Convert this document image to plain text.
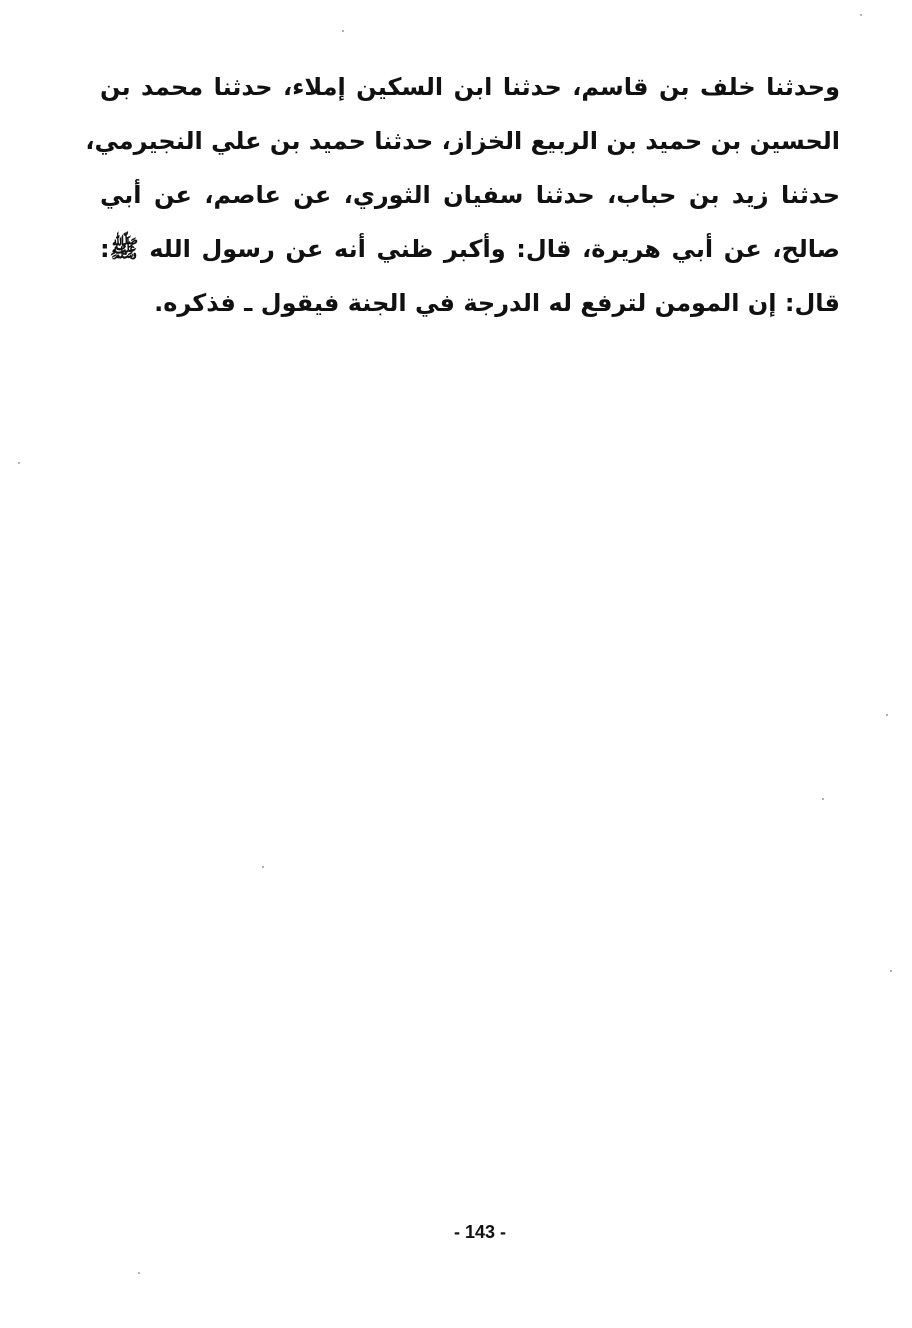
وحدثنا خلف بن قاسم، حدثنا ابن السكين إملاء، حدثنا محمد بن
الحسين بن حميد بن الربيع الخزاز، حدثنا حميد بن علي النجيرمي،
حدثنا زيد بن حباب، حدثنا سفيان الثوري، عن عاصم، عن أبي
صالح، عن أبي هريرة، قال: وأكبر ظني أنه عن رسول الله ﷺ:
قال: إن المومن لترفع له الدرجة في الجنة فيقول ـ فذكره.
- 143 -
